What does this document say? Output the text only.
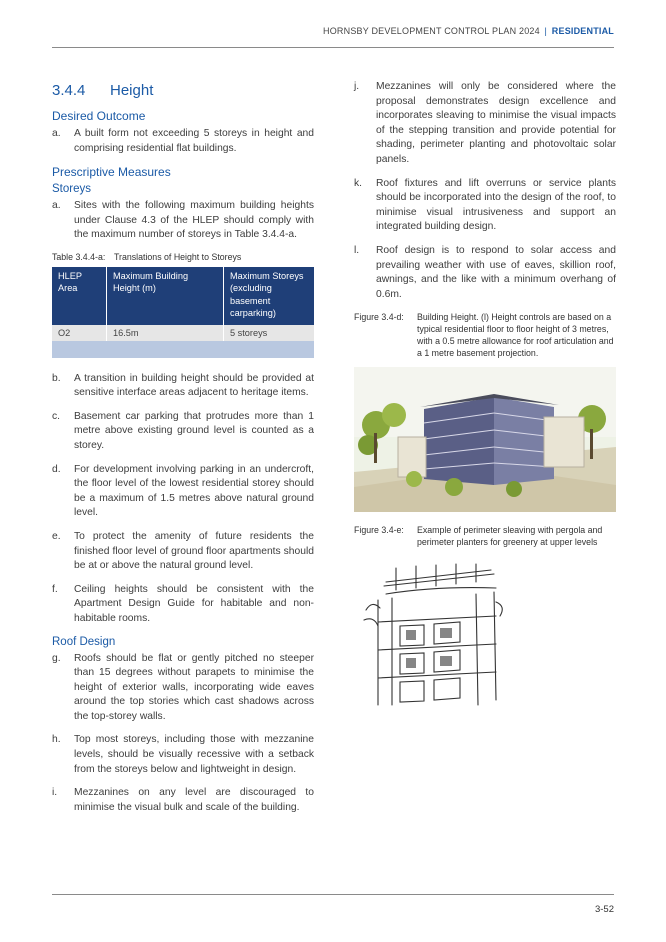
HORNSBY DEVELOPMENT CONTROL PLAN 2024 | RESIDENTIAL
3.4.4 Height
Desired Outcome
a.	A built form not exceeding 5 storeys in height and comprising residential flat buildings.
Prescriptive Measures
Storeys
a.	Sites with the following maximum building heights under Clause 4.3 of the HLEP should comply with the maximum number of storeys in Table 3.4.4-a.
Table 3.4.4-a: Translations of Height to Storeys
HLEP Area	Maximum Building Height (m)	Maximum Storeys (excluding basement carparking)
O2	16.5m	5 storeys
b.	A transition in building height should be provided at sensitive interface areas adjacent to heritage items.
c.	Basement car parking that protrudes more than 1 metre above existing ground level is counted as a storey.
d.	For development involving parking in an undercroft, the floor level of the lowest residential storey should be a maximum of 1.5 metres above natural ground level.
e.	To protect the amenity of future residents the finished floor level of ground floor apartments should be at or above the natural ground level.
f.	Ceiling heights should be consistent with the Apartment Design Guide for habitable and non-habitable rooms.
Roof Design
g.	Roofs should be flat or gently pitched no steeper than 15 degrees without parapets to minimise the height of exterior walls, incorporating wide eaves around the top stories which cast shadows across the top-storey walls.
h.	Top most storeys, including those with mezzanine levels, should be visually recessive with a setback from the storeys below and lightweight in design.
i.	Mezzanines on any level are discouraged to minimise the visual bulk and scale of the building.
j.	Mezzanines will only be considered where the proposal demonstrates design excellence and incorporates sleaving to minimise the visual impacts of the stepping transition and provide potential for shading, perimeter planting and photovoltaic solar panels.
k.	Roof fixtures and lift overruns or service plants should be incorporated into the design of the roof, to minimise visual intrusiveness and support an integrated building design.
l.	Roof design is to respond to solar access and prevailing weather with use of eaves, skillion roof, awnings, and the like with a minimum overhang of 0.6m.
Figure 3.4-d:	Building Height. (l) Height controls are based on a typical residential floor to floor height of 3 metres, with a 0.5 metre allowance for roof articulation and a 1 metre basement projection.
Figure 3.4-e:	Example of perimeter sleaving with pergola and perimeter planters for greenery at upper levels
3-52
